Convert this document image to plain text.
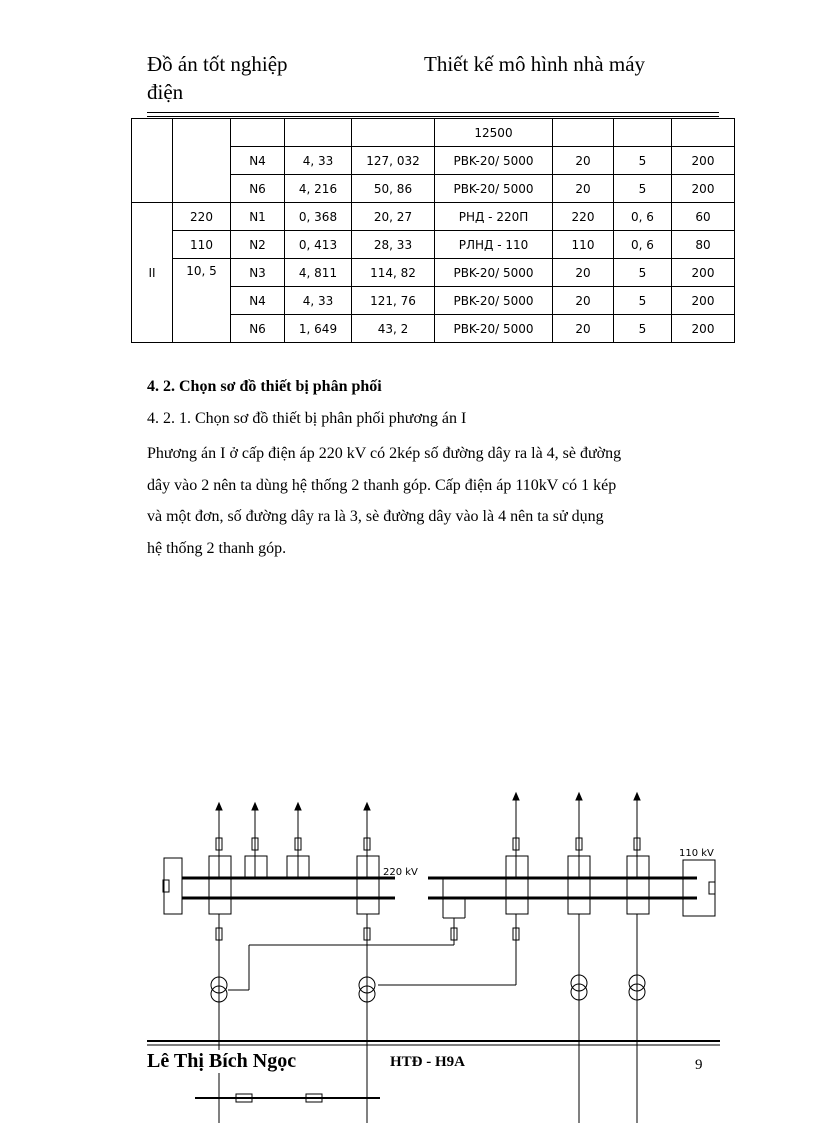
Đồ án tốt nghiệp
điện
Thiết kế mô hình nhà máy
					12500			
		N4	4, 33	127, 032	PBK-20/ 5000	20	5	200
		N6	4, 216	50, 86	PBK-20/ 5000	20	5	200
II	220	N1	0, 368	20, 27	PНД - 220П	220	0, 6	60
	110	N2	0, 413	28, 33	PЛНД - 110	110	0, 6	80
	10, 5	N3	4, 811	114, 82	PBK-20/ 5000	20	5	200
		N4	4, 33	121, 76	PBK-20/ 5000	20	5	200
		N6	1, 649	43, 2	PBK-20/ 5000	20	5	200
4. 2. Chọn sơ đồ thiết bị phân phối
4. 2. 1. Chọn sơ đồ thiết bị phân phối phương án I
Phương án I ở cấp điện áp 220 kV có 2kép số đường dây ra là 4, sè đường
dây vào 2 nên ta dùng hệ thống 2 thanh góp. Cấp điện áp 110kV có 1 kép
và một đơn, số đường dây ra là 3, sè đường dây vào là 4 nên ta sử dụng
hệ thống 2 thanh góp.
220 kV
110 kV
Lê Thị Bích Ngọc	HTĐ - H9A	9
